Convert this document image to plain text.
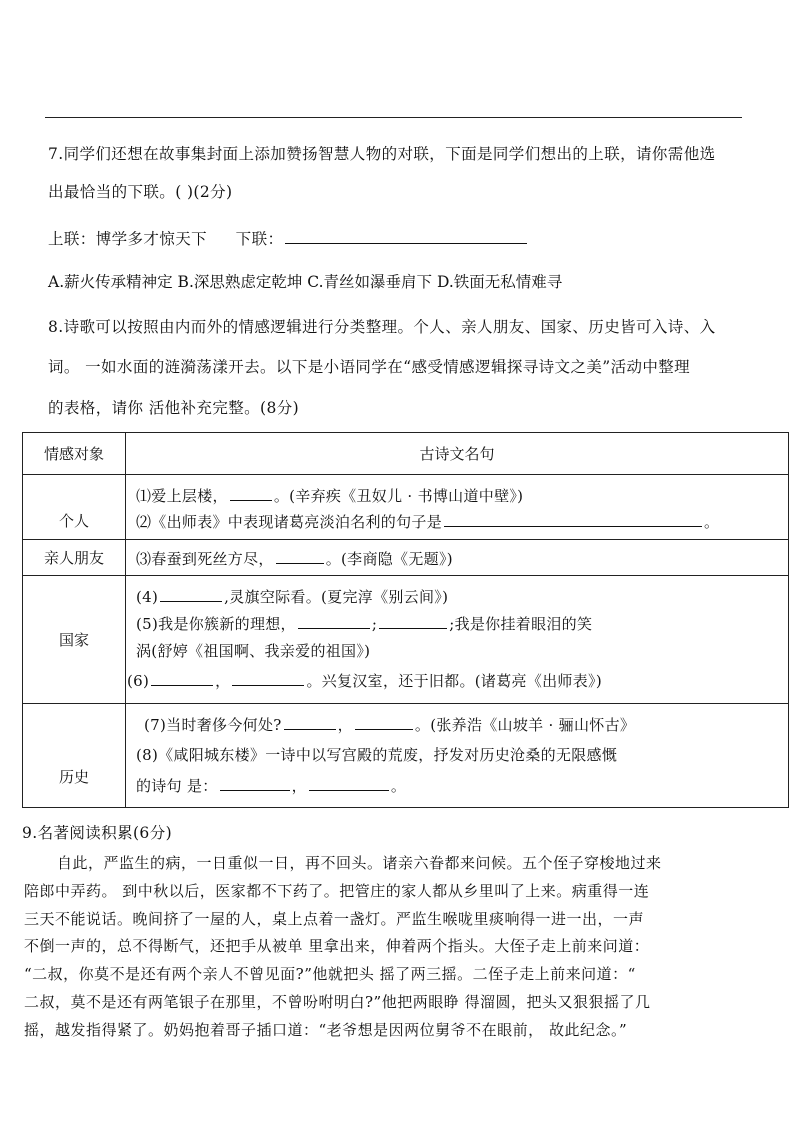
7.同学们还想在故事集封面上添加赞扬智慧人物的对联，下面是同学们想出的上联，请你需他选
出最恰当的下联。( )(2分)
上联：博学多才惊天下 下联：
A.薪火传承精神定 B.深思熟虑定乾坤 C.青丝如瀑垂肩下 D.铁面无私情难寻
8.诗歌可以按照由内而外的情感逻辑进行分类整理。个人、亲人朋友、国家、历史皆可入诗、入
词。 一如水面的涟漪荡漾开去。以下是小语同学在“感受情感逻辑探寻诗文之美”活动中整理
的表格，请你 活他补充完整。(8分)
情感对象	古诗文名句
个人	⑴爱上层楼， 。(辛弃疾《丑奴儿 · 书博山道中壁》)
⑵《出师表》中表现诸葛亮淡泊名利的句子是 。

亲人朋友	⑶春蚕到死丝方尽， 。(李商隐《无题》)

国家	(4) ,灵旗空际看。(夏完淳《别云间》)
(5)我是你簇新的理想， ; ;我是你挂着眼泪的笑
涡(舒婷《祖国啊、我亲爱的祖国》)
(6) ， 。兴复汉室，还于旧都。(诸葛亮《出师表》)

历史	(7)当时奢侈今何处? ， 。(张养浩《山坡羊 · 骊山怀古》
(8)《咸阳城东楼》一诗中以写宫殿的荒废，抒发对历史沧桑的无限感慨
的诗句 是： ， 。
9.名著阅读积累(6分)
自此，严监生的病，一日重似一日，再不回头。诸亲六眷都来问候。五个侄子穿梭地过来
陪郎中弄药。 到中秋以后，医家都不下药了。把管庄的家人都从乡里叫了上来。病重得一连
三天不能说话。晚间挤了一屋的人，桌上点着一盏灯。严监生喉咙里痰响得一进一出，一声
不倒一声的，总不得断气，还把手从被单 里拿出来，伸着两个指头。大侄子走上前来问道：
“二叔，你莫不是还有两个亲人不曾见面?”他就把头 摇了两三摇。二侄子走上前来问道：“
二叔，莫不是还有两笔银子在那里，不曾吩咐明白?”他把两眼睁 得溜圆，把头又狠狠摇了几
摇，越发指得紧了。奶妈抱着哥子插口道：“老爷想是因两位舅爷不在眼前， 故此纪念。”
